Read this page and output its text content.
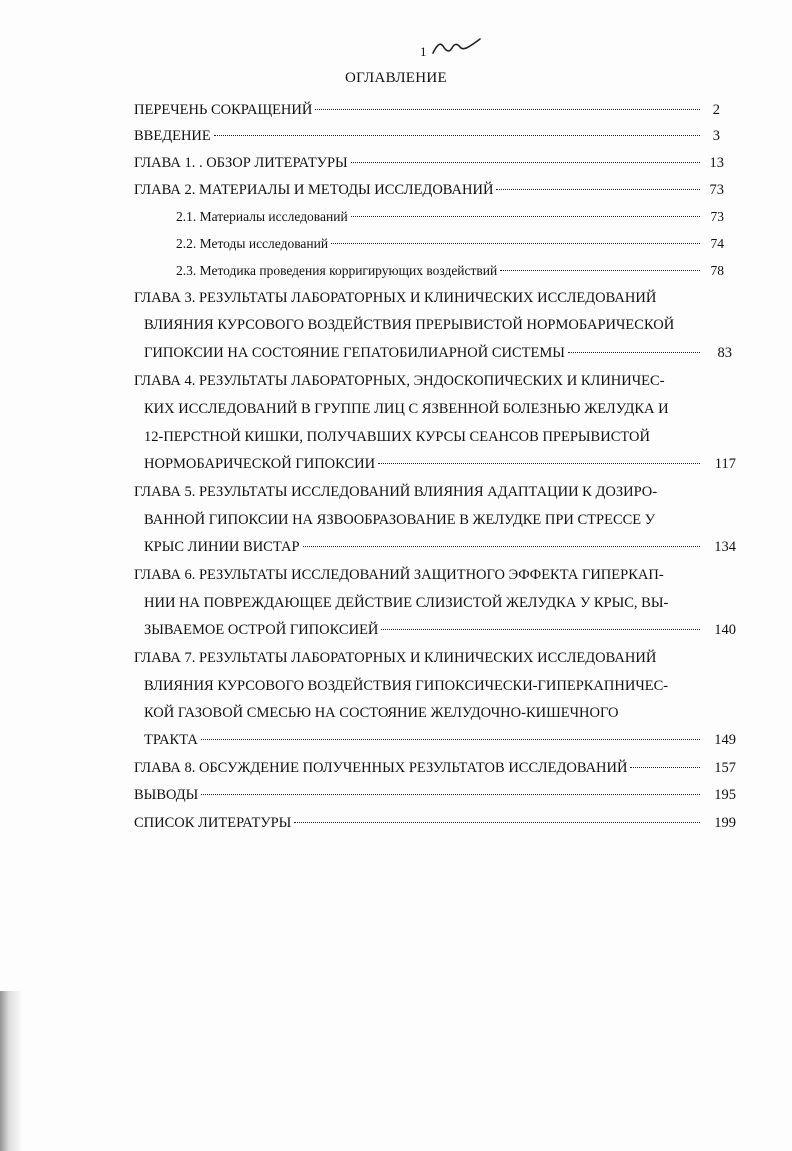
1
ОГЛАВЛЕНИЕ
ПЕРЕЧЕНЬ СОКРАЩЕНИЙ	2
ВВЕДЕНИЕ	3
ГЛАВА 1. . ОБЗОР ЛИТЕРАТУРЫ	13
ГЛАВА 2. МАТЕРИАЛЫ И МЕТОДЫ ИССЛЕДОВАНИЙ	73
2.1. Материалы исследований	73
2.2. Методы исследований	74
2.3. Методика проведения корригирующих воздействий	78
ГЛАВА 3. РЕЗУЛЬТАТЫ ЛАБОРАТОРНЫХ И КЛИНИЧЕСКИХ ИССЛЕДОВАНИЙ
ВЛИЯНИЯ КУРСОВОГО ВОЗДЕЙСТВИЯ ПРЕРЫВИСТОЙ НОРМОБАРИЧЕСКОЙ
ГИПОКСИИ НА СОСТОЯНИЕ ГЕПАТОБИЛИАРНОЙ СИСТЕМЫ	83
ГЛАВА 4. РЕЗУЛЬТАТЫ ЛАБОРАТОРНЫХ, ЭНДОСКОПИЧЕСКИХ И КЛИНИЧЕС-
КИХ ИССЛЕДОВАНИЙ В ГРУППЕ ЛИЦ С ЯЗВЕННОЙ БОЛЕЗНЬЮ ЖЕЛУДКА И
12-ПЕРСТНОЙ КИШКИ, ПОЛУЧАВШИХ КУРСЫ СЕАНСОВ ПРЕРЫВИСТОЙ
НОРМОБАРИЧЕСКОЙ ГИПОКСИИ	117
ГЛАВА 5. РЕЗУЛЬТАТЫ ИССЛЕДОВАНИЙ ВЛИЯНИЯ АДАПТАЦИИ К ДОЗИРО-
ВАННОЙ ГИПОКСИИ НА ЯЗВООБРАЗОВАНИЕ В ЖЕЛУДКЕ ПРИ СТРЕССЕ У
КРЫС ЛИНИИ ВИСТАР	134
ГЛАВА 6. РЕЗУЛЬТАТЫ ИССЛЕДОВАНИЙ ЗАЩИТНОГО ЭФФЕКТА ГИПЕРКАП-
НИИ НА ПОВРЕЖДАЮЩЕЕ ДЕЙСТВИЕ СЛИЗИСТОЙ ЖЕЛУДКА У КРЫС, ВЫ-
ЗЫВАЕМОЕ ОСТРОЙ ГИПОКСИЕЙ	140
ГЛАВА 7. РЕЗУЛЬТАТЫ ЛАБОРАТОРНЫХ И КЛИНИЧЕСКИХ ИССЛЕДОВАНИЙ
ВЛИЯНИЯ КУРСОВОГО ВОЗДЕЙСТВИЯ ГИПОКСИЧЕСКИ-ГИПЕРКАПНИЧЕС-
КОЙ ГАЗОВОЙ СМЕСЬЮ НА СОСТОЯНИЕ ЖЕЛУДОЧНО-КИШЕЧНОГО
ТРАКТА	149
ГЛАВА 8. ОБСУЖДЕНИЕ ПОЛУЧЕННЫХ РЕЗУЛЬТАТОВ ИССЛЕДОВАНИЙ	157
ВЫВОДЫ	195
СПИСОК ЛИТЕРАТУРЫ	199
